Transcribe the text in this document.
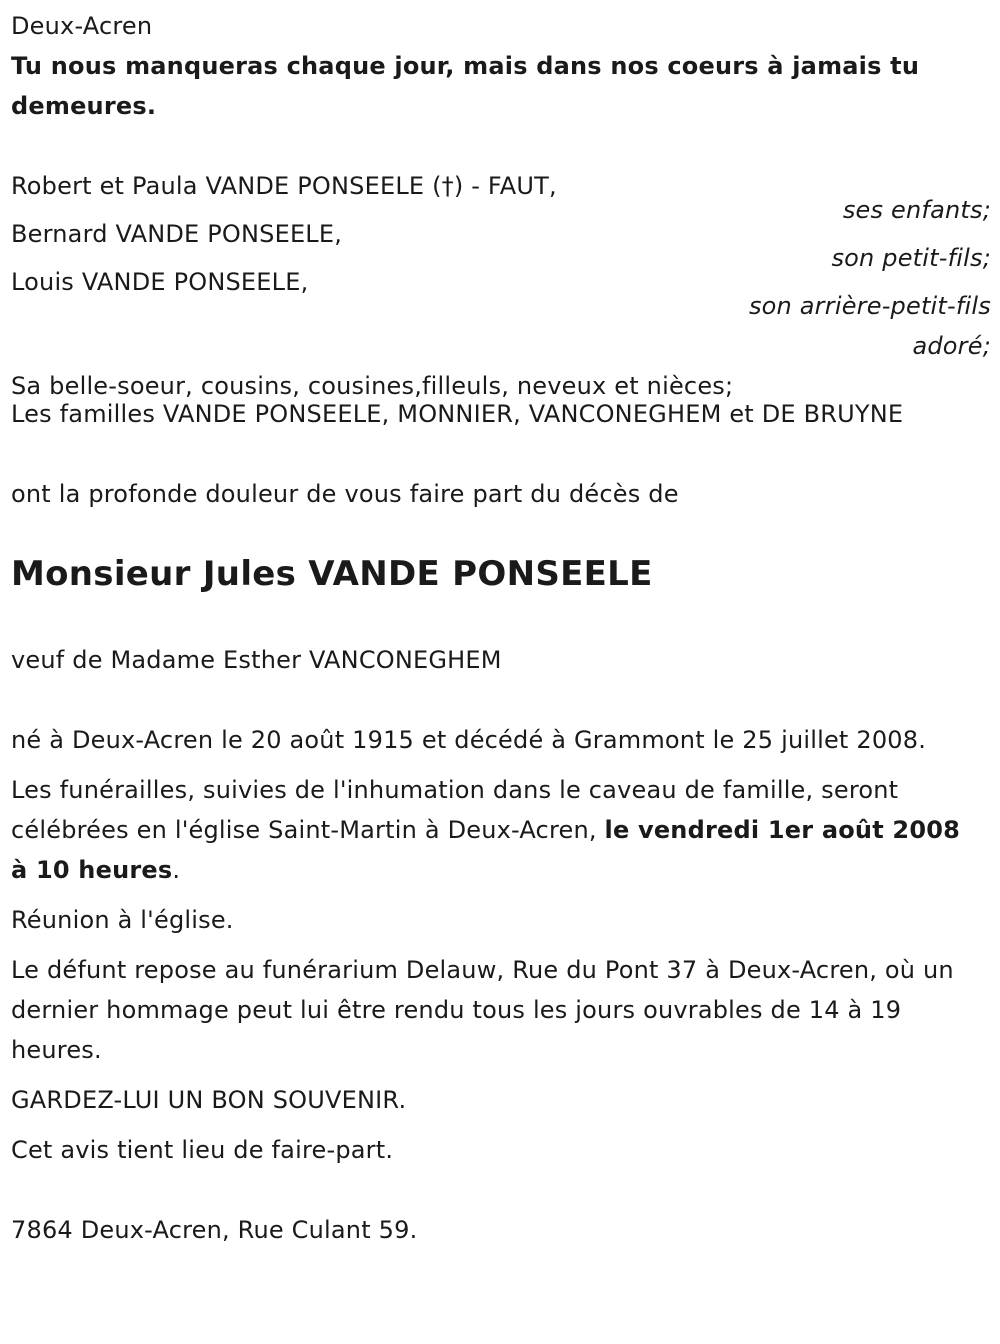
Deux-Acren
Tu nous manqueras chaque jour, mais dans nos coeurs à jamais tu demeures.
Robert et Paula VANDE PONSEELE (†) - FAUT,
ses enfants;
Bernard VANDE PONSEELE,
son petit-fils;
Louis VANDE PONSEELE,
son arrière-petit-fils
adoré;
Sa belle-soeur, cousins, cousines,filleuls, neveux et nièces;
Les familles VANDE PONSEELE, MONNIER, VANCONEGHEM et DE BRUYNE
ont la profonde douleur de vous faire part du décès de
Monsieur Jules VANDE PONSEELE
veuf de Madame Esther VANCONEGHEM
né à Deux-Acren le 20 août 1915 et décédé à Grammont le 25 juillet 2008.
Les funérailles, suivies de l'inhumation dans le caveau de famille, seront célébrées en l'église Saint-Martin à Deux-Acren, le vendredi 1er août 2008 à 10 heures.
Réunion à l'église.
Le défunt repose au funérarium Delauw, Rue du Pont 37 à Deux-Acren, où un dernier hommage peut lui être rendu tous les jours ouvrables de 14 à 19 heures.
GARDEZ-LUI UN BON SOUVENIR.
Cet avis tient lieu de faire-part.
7864 Deux-Acren, Rue Culant 59.
